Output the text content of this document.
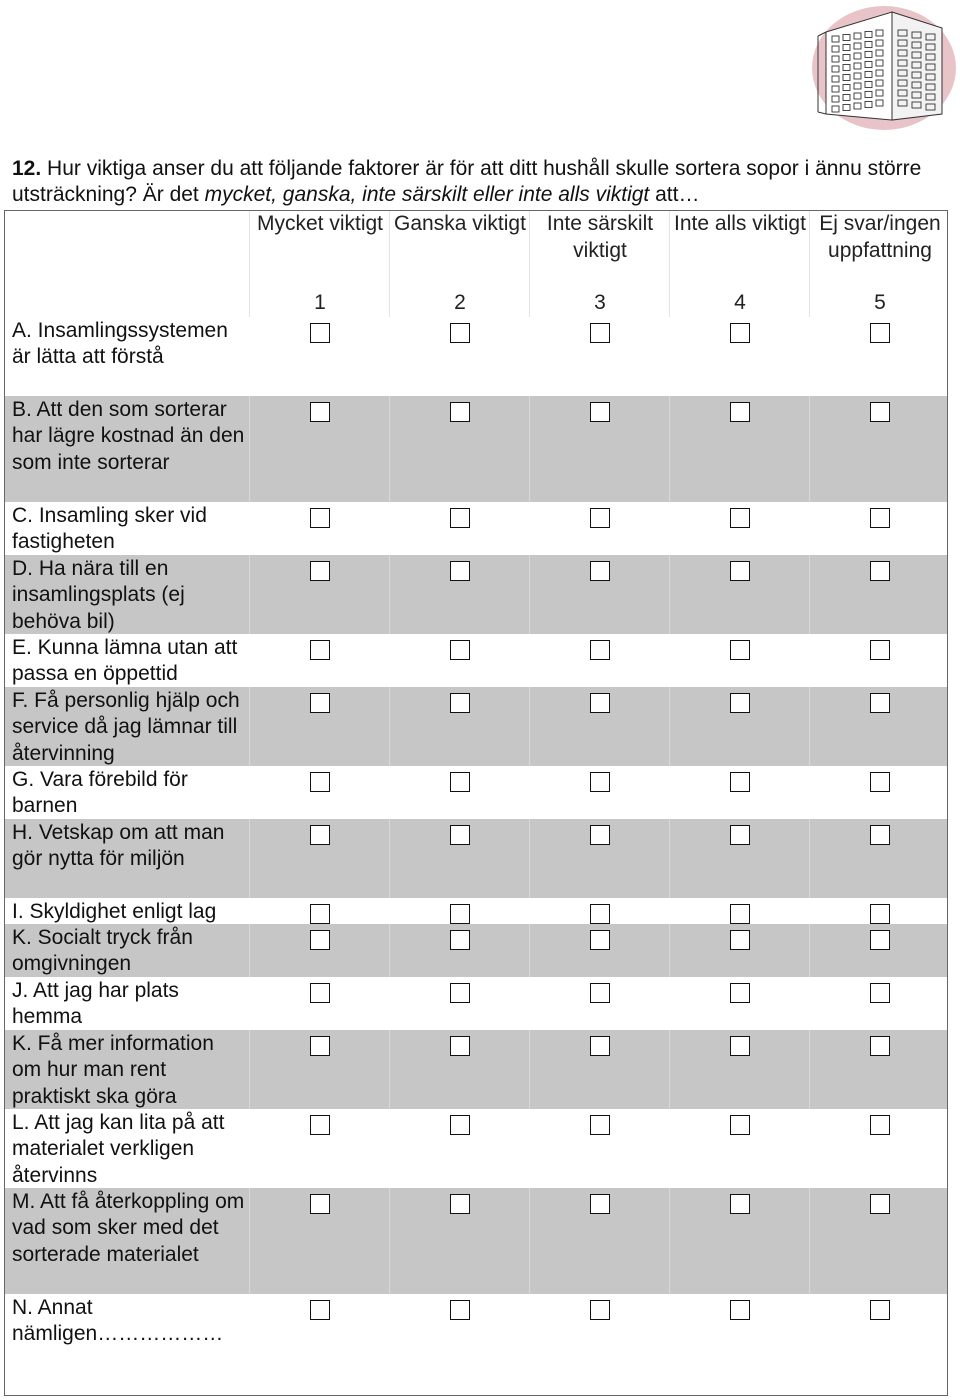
12. Hur viktiga anser du att följande faktorer är för att ditt hushåll skulle sortera sopor i ännu större utsträckning? Är det mycket, ganska, inte särskilt eller inte alls viktigt att…
Mycket viktigt
1
Ganska viktigt
2
Inte särskilt viktigt
3
Inte alls viktigt
4
Ej svar/ingen uppfattning
5
A. Insamlingssystemen är lätta att förstå
B. Att den som sorterar har lägre kostnad än den som inte sorterar
C. Insamling sker vid fastigheten
D. Ha nära till en insamlingsplats (ej behöva bil)
E. Kunna lämna utan att passa en öppettid
F. Få personlig hjälp och service då jag lämnar till återvinning
G. Vara förebild för barnen
H. Vetskap om att man gör nytta för miljön
I. Skyldighet enligt lag
K. Socialt tryck från omgivningen
J. Att jag har plats hemma
K. Få mer information om hur man rent praktiskt ska göra
L. Att jag kan lita på att materialet verkligen återvinns
M. Att få återkoppling om vad som sker med det sorterade materialet
N. Annat nämligen………………
